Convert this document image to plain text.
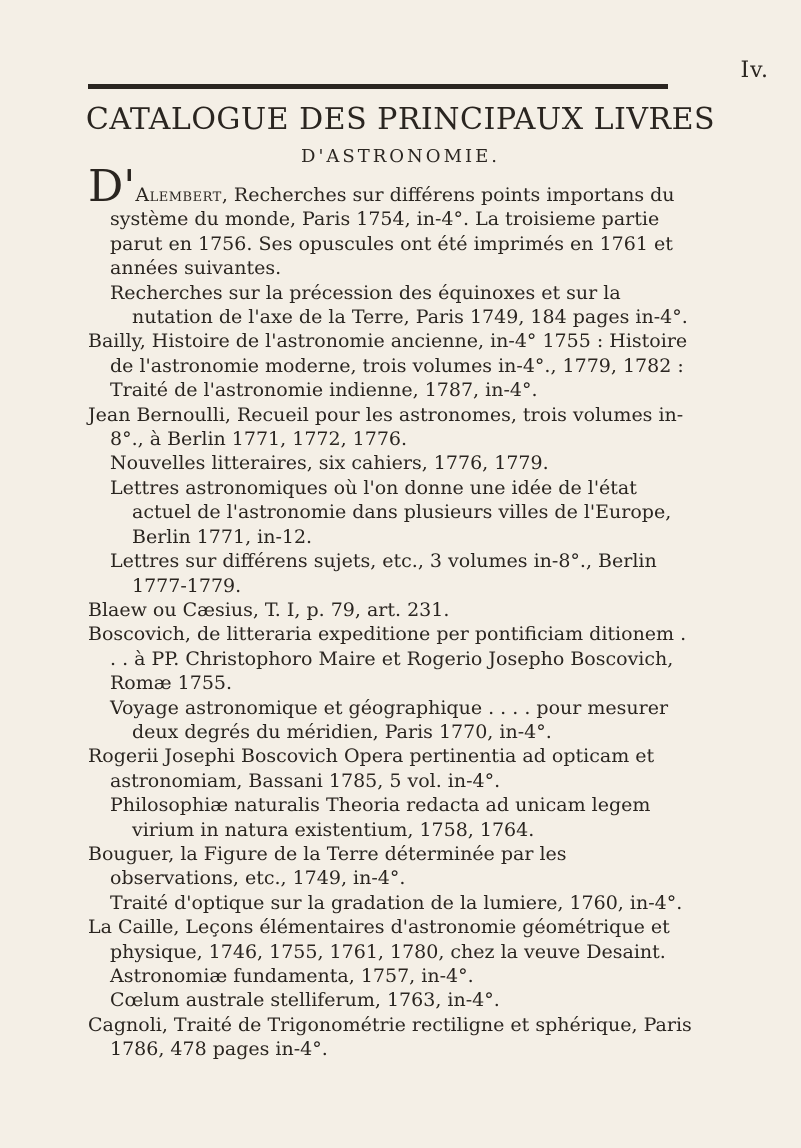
Iv.
CATALOGUE DES PRINCIPAUX LIVRES
D'ASTRONOMIE.

D'Alembert, Recherches sur différens points importans du système du monde, Paris 1754, in-4°. La troisieme partie parut en 1756. Ses opuscules ont été imprimés en 1761 et années suivantes.

Recherches sur la précession des équinoxes et sur la nutation de l'axe de la Terre, Paris 1749, 184 pages in-4°.

Bailly, Histoire de l'astronomie ancienne, in-4° 1755 : Histoire de l'astronomie moderne, trois volumes in-4°., 1779, 1782 : Traité de l'astronomie indienne, 1787, in-4°.

Jean Bernoulli, Recueil pour les astronomes, trois volumes in-8°., à Berlin 1771, 1772, 1776.

Nouvelles litteraires, six cahiers, 1776, 1779.

Lettres astronomiques où l'on donne une idée de l'état actuel de l'astronomie dans plusieurs villes de l'Europe, Berlin 1771, in-12.

Lettres sur différens sujets, etc., 3 volumes in-8°., Berlin 1777-1779.

Blaew ou Cæsius, T. I, p. 79, art. 231.

Boscovich, de litteraria expeditione per pontificiam ditionem . . . à PP. Christophoro Maire et Rogerio Josepho Boscovich, Romæ 1755.

Voyage astronomique et géographique . . . . pour mesurer deux degrés du méridien, Paris 1770, in-4°.

Rogerii Josephi Boscovich Opera pertinentia ad opticam et astronomiam, Bassani 1785, 5 vol. in-4°.

Philosophiæ naturalis Theoria redacta ad unicam legem virium in natura existentium, 1758, 1764.

Bouguer, la Figure de la Terre déterminée par les observations, etc., 1749, in-4°.

Traité d'optique sur la gradation de la lumiere, 1760, in-4°.

La Caille, Leçons élémentaires d'astronomie géométrique et physique, 1746, 1755, 1761, 1780, chez la veuve Desaint.

Astronomiæ fundamenta, 1757, in-4°.

Cœlum australe stelliferum, 1763, in-4°.

Cagnoli, Traité de Trigonométrie rectiligne et sphérique, Paris 1786, 478 pages in-4°.
